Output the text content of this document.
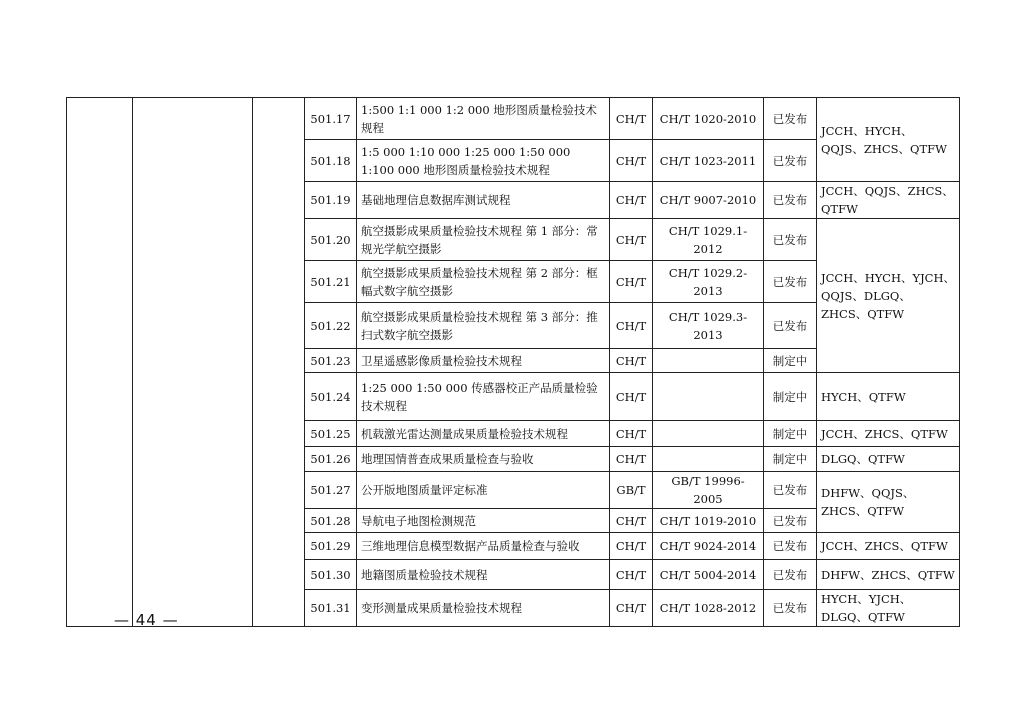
			501.17	1:500 1:1 000 1:2 000 地形图质量检验技术规程	CH/T	CH/T 1020-2010	已发布	JCCH、HYCH、QQJS、ZHCS、QTFW
			501.18	1:5 000 1:10 000 1:25 000 1:50 000 1:100 000 地形图质量检验技术规程	CH/T	CH/T 1023-2011	已发布	
			501.19	基础地理信息数据库测试规程	CH/T	CH/T 9007-2010	已发布	JCCH、QQJS、ZHCS、QTFW
			501.20	航空摄影成果质量检验技术规程 第 1 部分：常规光学航空摄影	CH/T	CH/T 1029.1-2012	已发布	JCCH、HYCH、YJCH、QQJS、DLGQ、ZHCS、QTFW
			501.21	航空摄影成果质量检验技术规程 第 2 部分：框幅式数字航空摄影	CH/T	CH/T 1029.2-2013	已发布	
			501.22	航空摄影成果质量检验技术规程 第 3 部分：推扫式数字航空摄影	CH/T	CH/T 1029.3-2013	已发布	
			501.23	卫星遥感影像质量检验技术规程	CH/T		制定中	
			501.24	1:25 000 1:50 000 传感器校正产品质量检验技术规程	CH/T		制定中	HYCH、QTFW
			501.25	机载激光雷达测量成果质量检验技术规程	CH/T		制定中	JCCH、ZHCS、QTFW
			501.26	地理国情普查成果质量检查与验收	CH/T		制定中	DLGQ、QTFW
			501.27	公开版地图质量评定标准	GB/T	GB/T 19996-2005	已发布	DHFW、QQJS、ZHCS、QTFW
			501.28	导航电子地图检测规范	CH/T	CH/T 1019-2010	已发布	
			501.29	三维地理信息模型数据产品质量检查与验收	CH/T	CH/T 9024-2014	已发布	JCCH、ZHCS、QTFW
			501.30	地籍图质量检验技术规程	CH/T	CH/T 5004-2014	已发布	DHFW、ZHCS、QTFW
			501.31	变形测量成果质量检验技术规程	CH/T	CH/T 1028-2012	已发布	HYCH、YJCH、DLGQ、QTFW
— 44 —
